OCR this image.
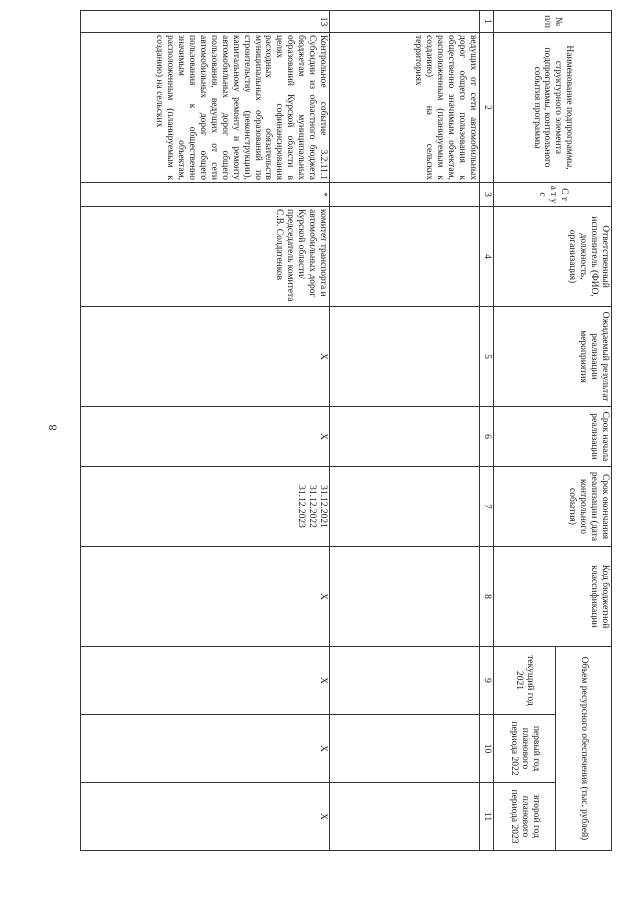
8
№ п/п	Наименование подпрограммы, структурного элемента подпрограммы, контрольного события программы	С т а т у с	Ответственный исполнитель (ФИО, должность, организация)	Ожидаемый результат реализации мероприятия	Срок начала реализации	Срок окончания реализации (дата контрольного события)	Код бюджетной классификации	Объем ресурсного обеспечения (тыс. рублей)		
								текущий год 2021	первый год планового периода 2022	второй год планового периода 2023
1	2	3	4	5	6	7	8	9	10	11
	ведущих от сети автомобильных дорог общего пользования к общественно значимым объектам, расположенным (планируемым к созданию) на сельских территориях									
13	Контрольное событие 3.2.11.1 Субсидии из областного бюджета бюджетам муниципальных образований Курской области в целях софинансирования расходных обязательств муниципальных образований по строительству (реконструкции), капитальному ремонту и ремонту автомобильных дорог общего пользования, ведущих от сети автомобильных дорог общего пользования к общественно значимым объектам, расположенным (планируемым к созданию) на сельских	*	комитет транспорта и автомобильных дорог Курской области/председатель комитета С.В. Солдатенков	Х	Х	31.12.2021 31.12.2022 31.12.2023	Х	Х	Х	Х
